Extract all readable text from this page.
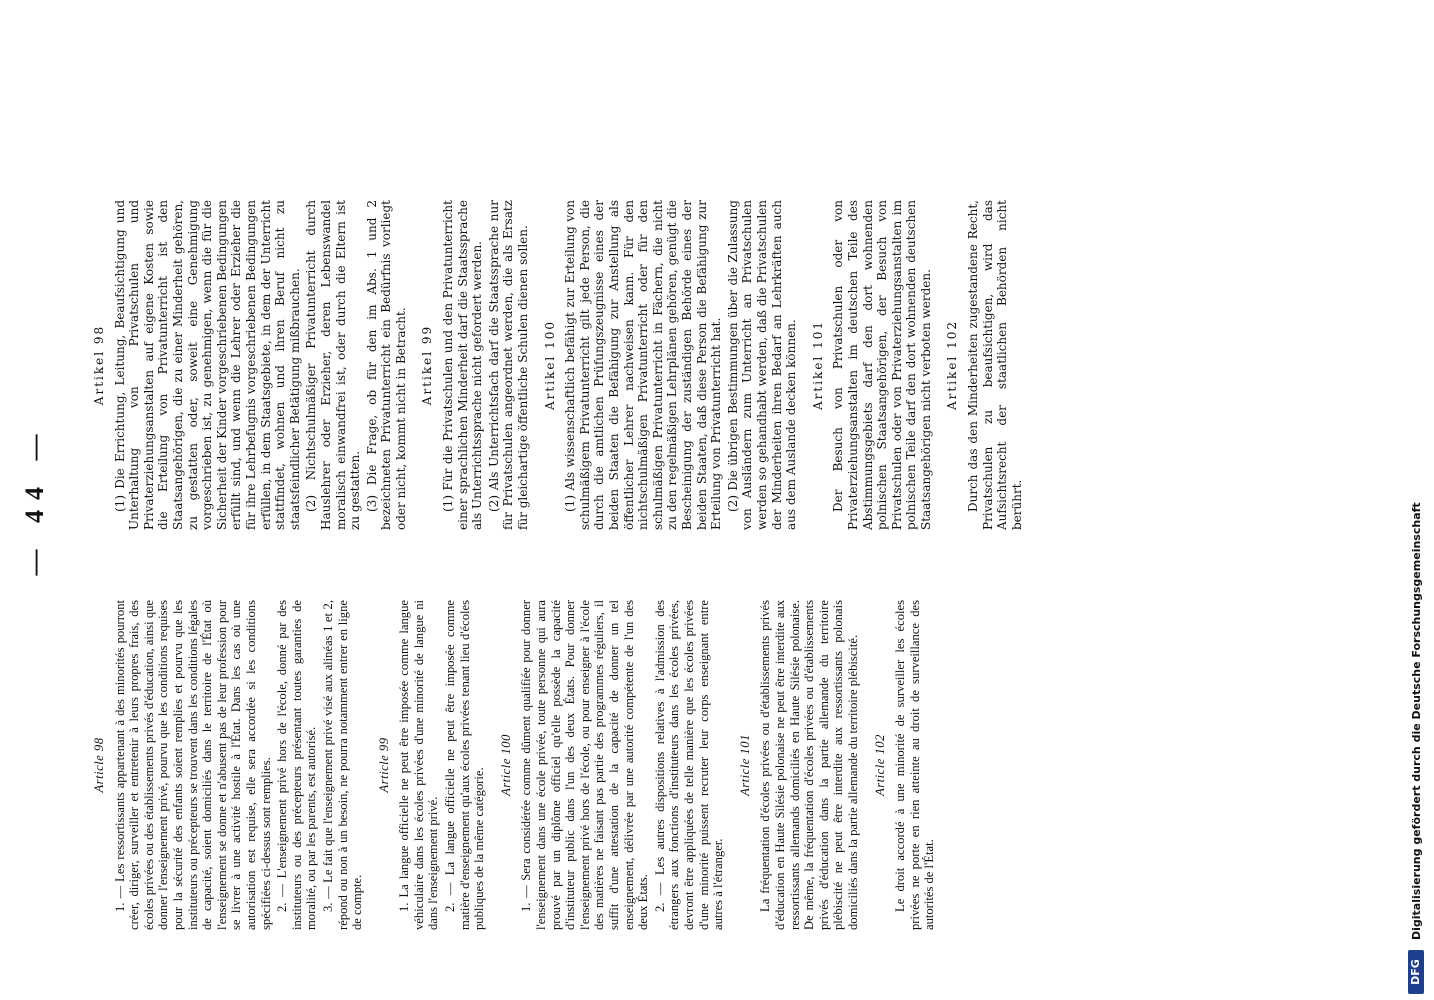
— 44 —
Article 98 1. — Les ressortissants appartenant à des minorités pourront créer, diriger, surveiller et entretenir à leurs propres frais, des écoles privées ou des établissements privés d'éducation, ainsi que donner l'enseignement privé, pourvu que les conditions requises pour la sécurité des enfants soient remplies et pourvu que les instituteurs ou précepteurs se trouvent dans les conditions légales de capacité, soient domiciliés dans le territoire de l'État où l'enseignement se donne et n'abusent pas de leur profession pour se livrer à une activité hostile à l'État. Dans les cas où une autorisation est requise, elle sera accordée si les conditions spécifiées ci-dessus sont remplies. 2. — L'enseignement privé hors de l'école, donné par des instituteurs ou des précepteurs présentant toutes garanties de moralité, ou par les parents, est autorisé. 3. — Le fait que l'enseignement privé visé aux alinéas 1 et 2, répond ou non à un besoin, ne pourra notamment entrer en ligne de compte.

Article 99 1. La langue officielle ne peut être imposée comme langue véhiculaire dans les écoles privées d'une minorité de langue ni dans l'enseignement privé. 2. — La langue officielle ne peut être imposée comme matière d'enseignement qu'aux écoles privées tenant lieu d'écoles publiques de la même catégorie.

Article 100 1. — Sera considérée comme dûment qualifiée pour donner l'enseignement dans une école privée, toute personne qui aura prouvé par un diplôme officiel qu'elle possède la capacité d'instituteur public dans l'un des deux États. Pour donner l'enseignement privé hors de l'école, ou pour enseigner à l'école des matières ne faisant pas partie des programmes réguliers, il suffit d'une attestation de la capacité de donner un tel enseignement, délivrée par une autorité compétente de l'un des deux États. 2. — Les autres dispositions relatives à l'admission des étrangers aux fonctions d'instituteurs dans les écoles privées, devront être appliquées de telle manière que les écoles privées d'une minorité puissent recruter leur corps enseignant entre autres à l'étranger.

Article 101 La fréquentation d'écoles privées ou d'établissements privés d'éducation en Haute Silésie polonaise ne peut être interdite aux ressortissants allemands domiciliés en Haute Silésie polonaise. De même, la fréquentation d'écoles privées ou d'établissements privés d'éducation dans la partie allemande du territoire plébiscité ne peut être interdite aux ressortissants polonais domiciliés dans la partie allemande du territoire plébiscité. Article 102 Le droit accordé à une minorité de surveiller les écoles privées ne porte en rien atteinte au droit de surveillance des autorités de l'État.

Artikel 98 (1) Die Errichtung, Leitung, Beaufsichtigung und Unterhaltung von Privatschulen und Privaterziehungsanstalten auf eigene Kosten sowie die Erteilung von Privatunterricht ist den Staatsangehörigen, die zu einer Minderheit gehören, zu gestatten oder, soweit eine Genehmigung vorgeschrieben ist, zu genehmigen, wenn die für die Sicherheit der Kinder vorgeschriebenen Bedingungen erfüllt sind, und wenn die Lehrer oder Erzieher die für ihre Lehrbefugnis vorgeschriebenen Bedingungen erfüllen, in dem Staatsgebiete, in dem der Unterricht stattfindet, wohnen und ihren Beruf nicht zu staatsfeindlicher Betätigung mißbrauchen. (2) Nichtschulmäßiger Privatunterricht durch Hauslehrer oder Erzieher, deren Lebenswandel moralisch einwandfrei ist, oder durch die Eltern ist zu gestatten. (3) Die Frage, ob für den im Abs. 1 und 2 bezeichneten Privatunterricht ein Bedürfnis vorliegt oder nicht, kommt nicht in Betracht. Artikel 99 (1) Für die Privatschulen und den Privatunterricht einer sprachlichen Minderheit darf die Staatssprache als Unterrichtssprache nicht gefordert werden. (2) Als Unterrichtsfach darf die Staatssprache nur für Privatschulen angeordnet werden, die als Ersatz für gleichartige öffentliche Schulen dienen sollen. Artikel 100 (1) Als wissenschaftlich befähigt zur Erteilung von schulmäßigem Privatunterricht gilt jede Person, die durch die amtlichen Prüfungszeugnisse eines der beiden Staaten die Befähigung zur Anstellung als öffentlicher Lehrer nachweisen kann. Für den nichtschulmäßigen Privatunterricht oder für den schulmäßigen Privatunterricht in Fächern, die nicht zu den regelmäßigen Lehrplänen gehören, genügt die Bescheinigung der zuständigen Behörde eines der beiden Staaten, daß diese Person die Befähigung zur Erteilung von Privatunterricht hat. (2) Die übrigen Bestimmungen über die Zulassung von Ausländern zum Unterricht an Privatschulen werden so gehandhabt werden, daß die Privatschulen der Minderheiten ihren Bedarf an Lehrkräften auch aus dem Auslande decken können. Artikel 101 Der Besuch von Privatschulen oder von Privaterziehungsanstalten im deutschen Teile des Abstimmungsgebiets darf den dort wohnenden polnischen Staatsangehörigen, der Besuch von Privatschulen oder von Privaterziehungsanstalten im polnischen Teile darf den dort wohnenden deutschen Staatsangehörigen nicht verboten werden. Artikel 102 Durch das den Minderheiten zugestandene Recht, Privatschulen zu beaufsichtigen, wird das Aufsichtsrecht der staatlichen Behörden nicht berührt.

DFG
Digitalisierung gefördert durch die Deutsche Forschungsgemeinschaft
